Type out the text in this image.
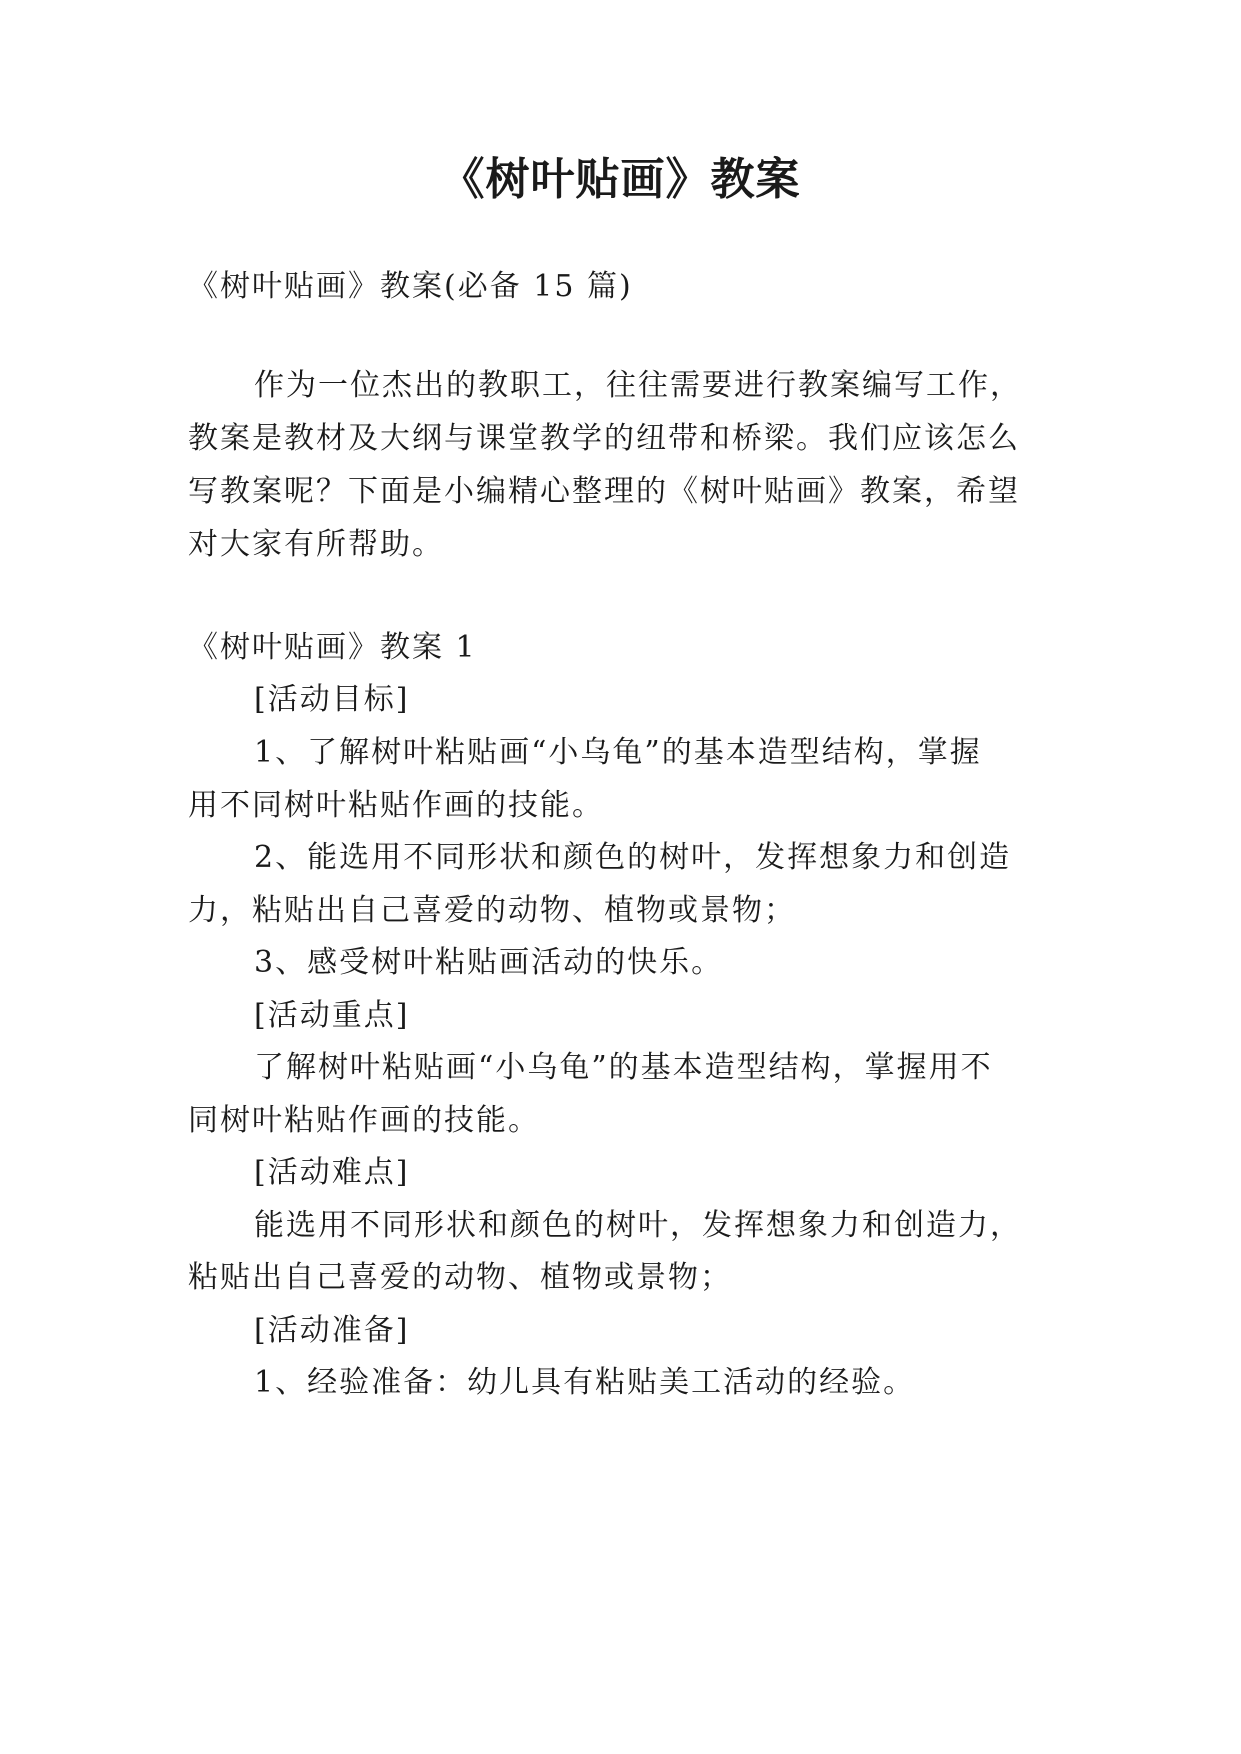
《树叶贴画》教案
《树叶贴画》教案(必备 15 篇)
作为一位杰出的教职工，往往需要进行教案编写工作，
教案是教材及大纲与课堂教学的纽带和桥梁。我们应该怎么
写教案呢？下面是小编精心整理的《树叶贴画》教案，希望
对大家有所帮助。
《树叶贴画》教案 1
[活动目标]
1、了解树叶粘贴画“小乌龟”的基本造型结构，掌握
用不同树叶粘贴作画的技能。
2、能选用不同形状和颜色的树叶，发挥想象力和创造
力，粘贴出自己喜爱的动物、植物或景物；
3、感受树叶粘贴画活动的快乐。
[活动重点]
了解树叶粘贴画“小乌龟”的基本造型结构，掌握用不
同树叶粘贴作画的技能。
[活动难点]
能选用不同形状和颜色的树叶，发挥想象力和创造力，
粘贴出自己喜爱的动物、植物或景物；
[活动准备]
1、经验准备：幼儿具有粘贴美工活动的经验。
